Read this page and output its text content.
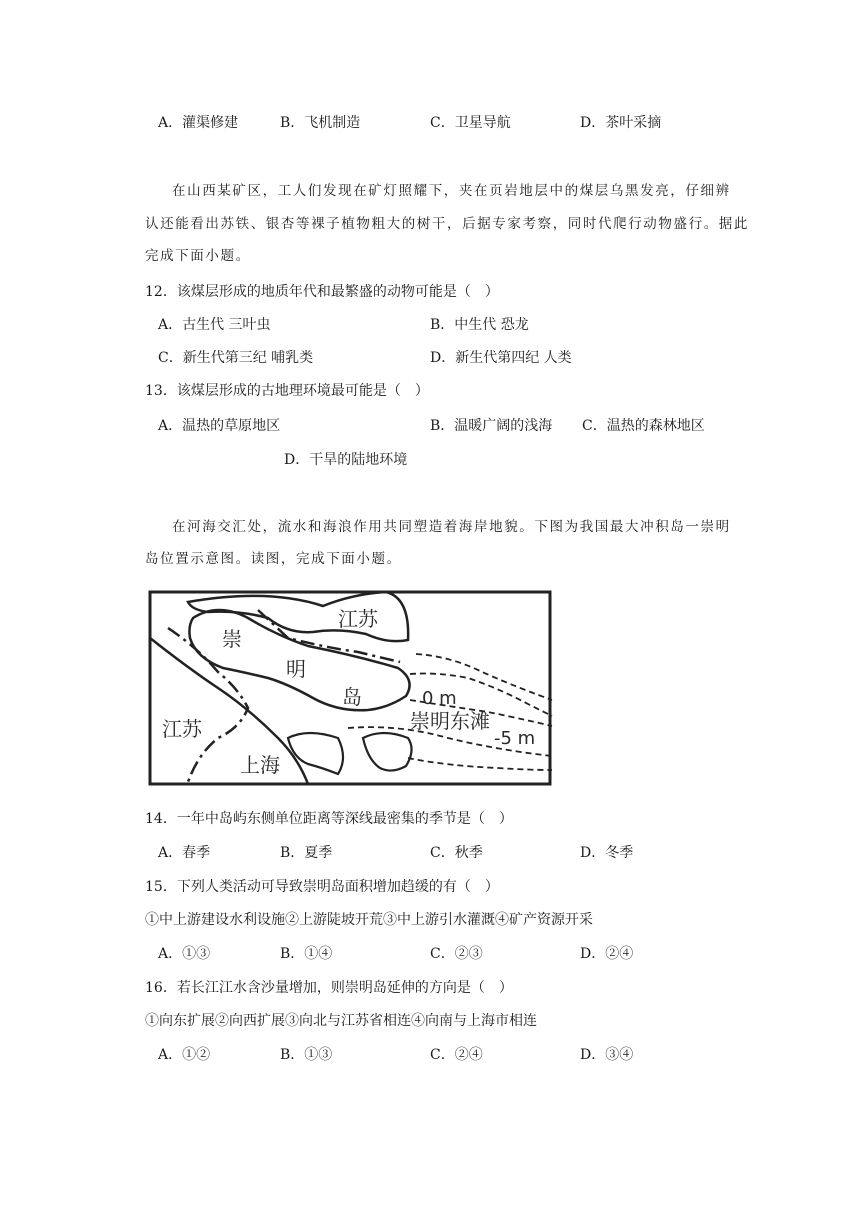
A．灌渠修建	B．飞机制造	C．卫星导航	D．茶叶采摘
在山西某矿区，工人们发现在矿灯照耀下，夹在页岩地层中的煤层乌黑发亮，仔细辨
认还能看出苏铁、银杏等裸子植物粗大的树干，后据专家考察，同时代爬行动物盛行。据此
完成下面小题。
12．该煤层形成的地质年代和最繁盛的动物可能是（　）
A．古生代 三叶虫	B．中生代 恐龙
C．新生代第三纪 哺乳类	D．新生代第四纪 人类
13．该煤层形成的古地理环境最可能是（　）
A．温热的草原地区	B．温暖广阔的浅海 C．温热的森林地区
D．干旱的陆地环境
在河海交汇处，流水和海浪作用共同塑造着海岸地貌。下图为我国最大冲积岛一崇明
岛位置示意图。读图，完成下面小题。
江苏
崇
明
岛
江苏
上海
崇明东滩
0 m
-5 m
14．一年中岛屿东侧单位距离等深线最密集的季节是（　）
A．春季	B．夏季	C．秋季	D．冬季
15．下列人类活动可导致崇明岛面积增加趋缓的有（　）
①中上游建设水利设施②上游陡坡开荒③中上游引水灌溉④矿产资源开采
A．①③	B．①④	C．②③	D．②④
16．若长江江水含沙量增加，则崇明岛延伸的方向是（　）
①向东扩展②向西扩展③向北与江苏省相连④向南与上海市相连
A．①②	B．①③	C．②④	D．③④
